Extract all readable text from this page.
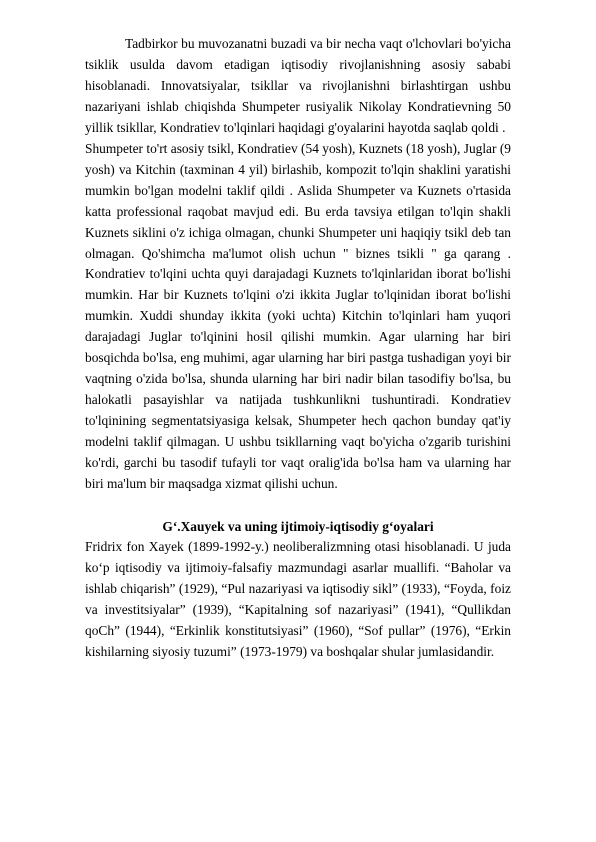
Tadbirkor bu muvozanatni buzadi va bir necha vaqt o'lchovlari bo'yicha tsiklik usulda davom etadigan iqtisodiy rivojlanishning asosiy sababi hisoblanadi. Innovatsiyalar, tsikllar va rivojlanishni birlashtirgan ushbu nazariyani ishlab chiqishda Shumpeter rusiyalik Nikolay Kondratievning 50 yillik tsikllar, Kondratiev to'lqinlari haqidagi g'oyalarini hayotda saqlab qoldi .

Shumpeter to'rt asosiy tsikl, Kondratiev (54 yosh), Kuznets (18 yosh), Juglar (9 yosh) va Kitchin (taxminan 4 yil) birlashib, kompozit to'lqin shaklini yaratishi mumkin bo'lgan modelni taklif qildi . Aslida Shumpeter va Kuznets o'rtasida katta professional raqobat mavjud edi. Bu erda tavsiya etilgan to'lqin shakli Kuznets siklini o'z ichiga olmagan, chunki Shumpeter uni haqiqiy tsikl deb tan olmagan. Qo'shimcha ma'lumot olish uchun " biznes tsikli " ga qarang . Kondratiev to'lqini uchta quyi darajadagi Kuznets to'lqinlaridan iborat bo'lishi mumkin. Har bir Kuznets to'lqini o'zi ikkita Juglar to'lqinidan iborat bo'lishi mumkin. Xuddi shunday ikkita (yoki uchta) Kitchin to'lqinlari ham yuqori darajadagi Juglar to'lqinini hosil qilishi mumkin. Agar ularning har biri bosqichda bo'lsa, eng muhimi, agar ularning har biri pastga tushadigan yoyi bir vaqtning o'zida bo'lsa, shunda ularning har biri nadir bilan tasodifiy bo'lsa, bu halokatli pasayishlar va natijada tushkunlikni tushuntiradi. Kondratiev to'lqinining segmentatsiyasiga kelsak, Shumpeter hech qachon bunday qat'iy modelni taklif qilmagan. U ushbu tsikllarning vaqt bo'yicha o'zgarib turishini ko'rdi, garchi bu tasodif tufayli tor vaqt oralig'ida bo'lsa ham va ularning har biri ma'lum bir maqsadga xizmat qilishi uchun.

G‘.Xauyek va uning ijtimoiy-iqtisodiy g‘oyalari

Fridrix fon Xayek (1899-1992-y.) neoliberalizmning otasi hisoblanadi. U juda ko‘p iqtisodiy va ijtimoiy-falsafiy mazmundagi asarlar muallifi. “Baholar va ishlab chiqarish” (1929), “Pul nazariyasi va iqtisodiy sikl” (1933), “Foyda, foiz va investitsiyalar” (1939), “Kapitalning sof nazariyasi” (1941), “Qullikdan qoCh” (1944), “Erkinlik konstitutsiyasi” (1960), “Sof pullar” (1976), “Erkin kishilarning siyosiy tuzumi” (1973-1979) va boshqalar shular jumlasidandir.
